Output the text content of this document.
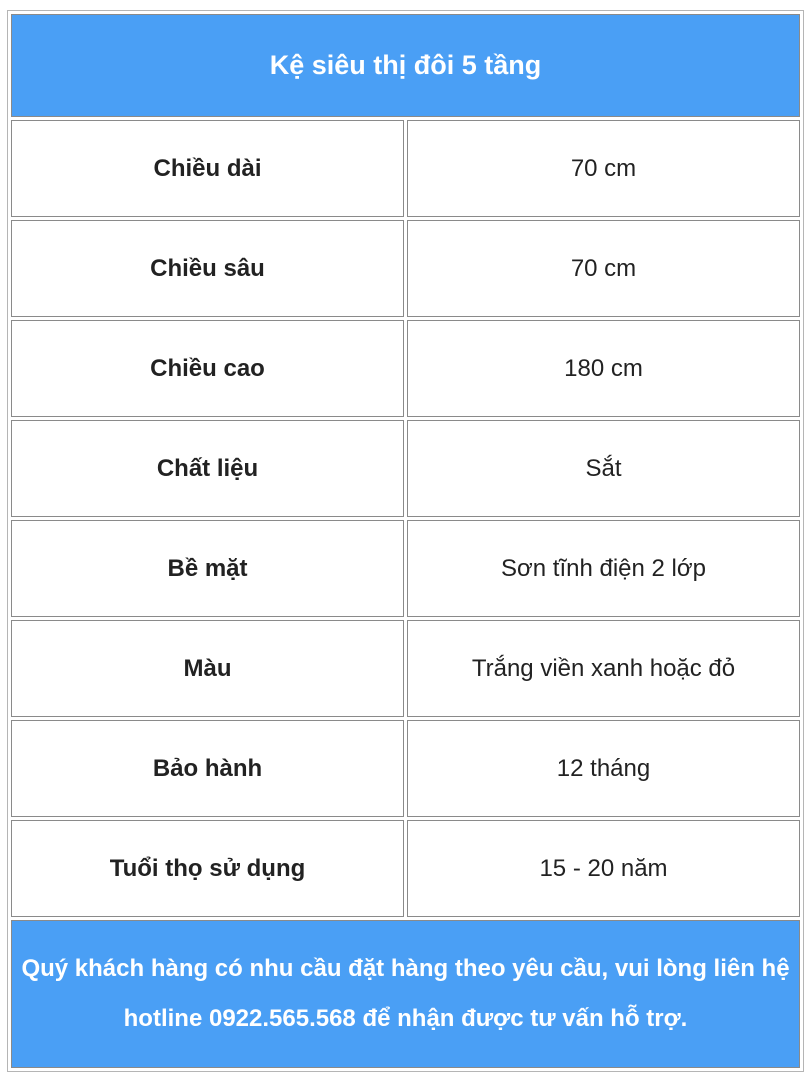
Kệ siêu thị đôi 5 tầng	
Chiều dài	70 cm
Chiều sâu	70 cm
Chiều cao	180 cm
Chất liệu	Sắt
Bề mặt	Sơn tĩnh điện 2 lớp
Màu	Trắng viền xanh hoặc đỏ
Bảo hành	12 tháng
Tuổi thọ sử dụng	15 - 20 năm
Quý khách hàng có nhu cầu đặt hàng theo yêu cầu, vui lòng liên hệ hotline 0922.565.568 để nhận được tư vấn hỗ trợ.	
